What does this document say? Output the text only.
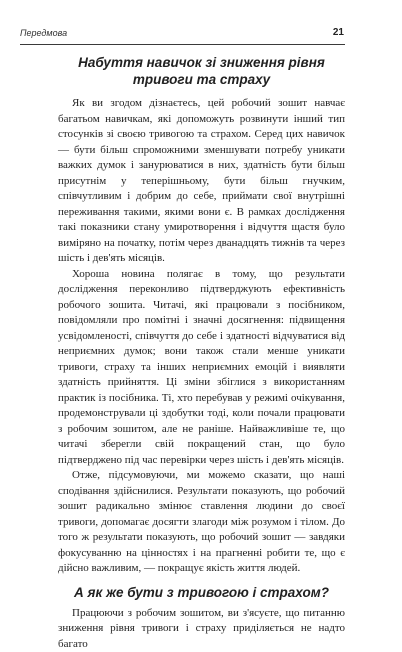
Передмова	21
Набуття навичок зі зниження рівня
тривоги та страху

Як ви згодом дізнаєтесь, цей робочий зошит навчає багатьом навичкам, які допоможуть розвинути інший тип стосунків зі своєю тривогою та страхом. Серед цих навичок — бути більш спроможними зменшувати потребу уникати важких думок і занурюватися в них, здатність бути більш присутнім у теперішньому, бути більш гнучким, співчутливим і добрим до себе, приймати свої внутрішні переживання такими, якими вони є. В рамках дослідження такі показники стану умиротворення і відчуття щастя було виміряно на початку, потім через дванадцять тижнів та через шість і дев'ять місяців.

Хороша новина полягає в тому, що результати дослідження переконливо підтверджують ефективність робочого зошита. Читачі, які працювали з посібником, повідомляли про помітні і значні досягнення: підвищення усвідомленості, співчуття до себе і здатності відчуватися від неприємних думок; вони також стали менше уникати тривоги, страху та інших неприємних емоцій і виявляти здатність прийняття. Ці зміни збіглися з використанням практик із посібника. Ті, хто перебував у режимі очікування, продемонстрували ці здобутки тоді, коли почали працювати з робочим зошитом, але не раніше. Найважливіше те, що читачі зберегли свій покращений стан, що було підтверджено під час перевірки через шість і дев'ять місяців.

Отже, підсумовуючи, ми можемо сказати, що наші сподівання здійснилися. Результати показують, що робочий зошит радикально змінює ставлення людини до своєї тривоги, допомагає досягти злагоди між розумом і тілом. До того ж результати показують, що робочий зошит — завдяки фокусуванню на цінностях і на прагненні робити те, що є дійсно важливим, — покращує якість життя людей.

А як же бути з тривогою і страхом?

Працюючи з робочим зошитом, ви з'ясуєте, що питанню зниження рівня тривоги і страху приділяється не надто багато
